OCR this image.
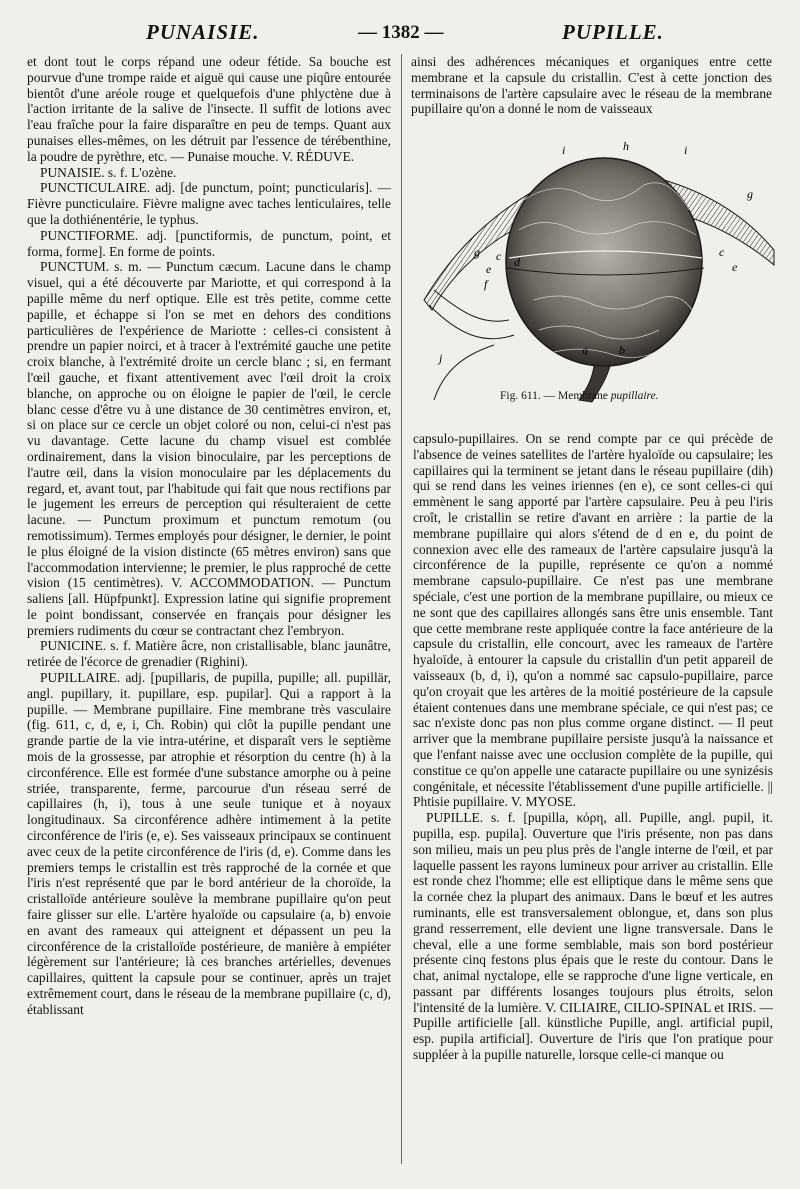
PUNAISIE.	— 1382 —	PUPILLE.

et dont tout le corps répand une odeur fétide. Sa bouche est pourvue d'une trompe raide et aiguë qui cause une piqûre entourée bientôt d'une aréole rouge et quelquefois d'une phlyctène due à l'action irritante de la salive de l'insecte. Il suffit de lotions avec l'eau fraîche pour la faire disparaître en peu de temps. Quant aux punaises elles-mêmes, on les détruit par l'essence de térébenthine, la poudre de pyrèthre, etc. — Punaise mouche. V. RÉDUVE.

PUNAISIE. s. f. L'ozène.

PUNCTICULAIRE. adj. [de punctum, point; puncticularis]. — Fièvre puncticulaire. Fièvre maligne avec taches lenticulaires, telle que la dothiénentérie, le typhus.

PUNCTIFORME. adj. [punctiformis, de punctum, point, et forma, forme]. En forme de points.

PUNCTUM. s. m. — Punctum cæcum. Lacune dans le champ visuel, qui a été découverte par Mariotte, et qui correspond à la papille même du nerf optique. Elle est très petite, comme cette papille, et échappe si l'on se met en dehors des conditions particulières de l'expérience de Mariotte : celles-ci consistent à prendre un papier noirci, et à tracer à l'extrémité gauche une petite croix blanche, à l'extrémité droite un cercle blanc ; si, en fermant l'œil gauche, et fixant attentivement avec l'œil droit la croix blanche, on approche ou on éloigne le papier de l'œil, le cercle blanc cesse d'être vu à une distance de 30 centimètres environ, et, si on place sur ce cercle un objet coloré ou non, celui-ci n'est pas vu davantage. Cette lacune du champ visuel est comblée ordinairement, dans la vision binoculaire, par les perceptions de l'autre œil, dans la vision monoculaire par les déplacements du regard, et, avant tout, par l'habitude qui fait que nous rectifions par le jugement les erreurs de perception qui résulteraient de cette lacune. — Punctum proximum et punctum remotum (ou remotissimum). Termes employés pour désigner, le dernier, le point le plus éloigné de la vision distincte (65 mètres environ) sans que l'accommodation intervienne; le premier, le plus rapproché de cette vision (15 centimètres). V. ACCOMMODATION. — Punctum saliens [all. Hüpfpunkt]. Expression latine qui signifie proprement le point bondissant, conservée en français pour désigner les premiers rudiments du cœur se contractant chez l'embryon.

PUNICINE. s. f. Matière âcre, non cristallisable, blanc jaunâtre, retirée de l'écorce de grenadier (Righini).

PUPILLAIRE. adj. [pupillaris, de pupilla, pupille; all. pupillär, angl. pupillary, it. pupillare, esp. pupilar]. Qui a rapport à la pupille. — Membrane pupillaire. Fine membrane très vasculaire (fig. 611, c, d, e, i, Ch. Robin) qui clôt la pupille pendant une grande partie de la vie intra-utérine, et disparaît vers le septième mois de la grossesse, par atrophie et résorption du centre (h) à la circonférence. Elle est formée d'une substance amorphe ou à peine striée, transparente, ferme, parcourue d'un réseau serré de capillaires (h, i), tous à une seule tunique et à noyaux longitudinaux. Sa circonférence adhère intimement à la petite circonférence de l'iris (e, e). Ses vaisseaux principaux se continuent avec ceux de la petite circonférence de l'iris (d, e). Comme dans les premiers temps le cristallin est très rapproché de la cornée et que l'iris n'est représenté que par le bord antérieur de la choroïde, la cristalloïde antérieure soulève la membrane pupillaire qu'on peut faire glisser sur elle. L'artère hyaloïde ou capsulaire (a, b) envoie en avant des rameaux qui atteignent et dépassent un peu la circonférence de la cristalloïde postérieure, de manière à empiéter légèrement sur l'antérieure; là ces branches artérielles, devenues capillaires, quittent la capsule pour se continuer, après un trajet extrêmement court, dans le réseau de la membrane pupillaire (c, d), établissant

ainsi des adhérences mécaniques et organiques entre cette membrane et la capsule du cristallin. C'est à cette jonction des terminaisons de l'artère capsulaire avec le réseau de la membrane pupillaire qu'on a donné le nom de vaisseaux

i	h	i
g
g c d
e
c
e
f
j
a	b
Fig. 611. — Membrane pupillaire.

capsulo-pupillaires. On se rend compte par ce qui précède de l'absence de veines satellites de l'artère hyaloïde ou capsulaire; les capillaires qui la terminent se jetant dans le réseau pupillaire (dih) qui se rend dans les veines iriennes (en e), ce sont celles-ci qui emmènent le sang apporté par l'artère capsulaire. Peu à peu l'iris croît, le cristallin se retire d'avant en arrière : la partie de la membrane pupillaire qui alors s'étend de d en e, du point de connexion avec elle des rameaux de l'artère capsulaire jusqu'à la circonférence de la pupille, représente ce qu'on a nommé membrane capsulo-pupillaire. Ce n'est pas une membrane spéciale, c'est une portion de la membrane pupillaire, ou mieux ce ne sont que des capillaires allongés sans être unis ensemble. Tant que cette membrane reste appliquée contre la face antérieure de la capsule du cristallin, elle concourt, avec les rameaux de l'artère hyaloïde, à entourer la capsule du cristallin d'un petit appareil de vaisseaux (b, d, i), qu'on a nommé sac capsulo-pupillaire, parce qu'on croyait que les artères de la moitié postérieure de la capsule étaient contenues dans une membrane spéciale, ce qui n'est pas; ce sac n'existe donc pas non plus comme organe distinct. — Il peut arriver que la membrane pupillaire persiste jusqu'à la naissance et que l'enfant naisse avec une occlusion complète de la pupille, qui constitue ce qu'on appelle une cataracte pupillaire ou une synizésis congénitale, et nécessite l'établissement d'une pupille artificielle. || Phtisie pupillaire. V. MYOSE.

PUPILLE. s. f. [pupilla, κόρη, all. Pupille, angl. pupil, it. pupilla, esp. pupila]. Ouverture que l'iris présente, non pas dans son milieu, mais un peu plus près de l'angle interne de l'œil, et par laquelle passent les rayons lumineux pour arriver au cristallin. Elle est ronde chez l'homme; elle est elliptique dans le même sens que la cornée chez la plupart des animaux. Dans le bœuf et les autres ruminants, elle est transversalement oblongue, et, dans son plus grand resserrement, elle devient une ligne transversale. Dans le cheval, elle a une forme semblable, mais son bord postérieur présente cinq festons plus épais que le reste du contour. Dans le chat, animal nyctalope, elle se rapproche d'une ligne verticale, en passant par différents losanges toujours plus étroits, selon l'intensité de la lumière. V. CILIAIRE, CILIO-SPINAL et IRIS. — Pupille artificielle [all. künstliche Pupille, angl. artificial pupil, esp. pupila artificial]. Ouverture de l'iris que l'on pratique pour suppléer à la pupille naturelle, lorsque celle-ci manque ou
